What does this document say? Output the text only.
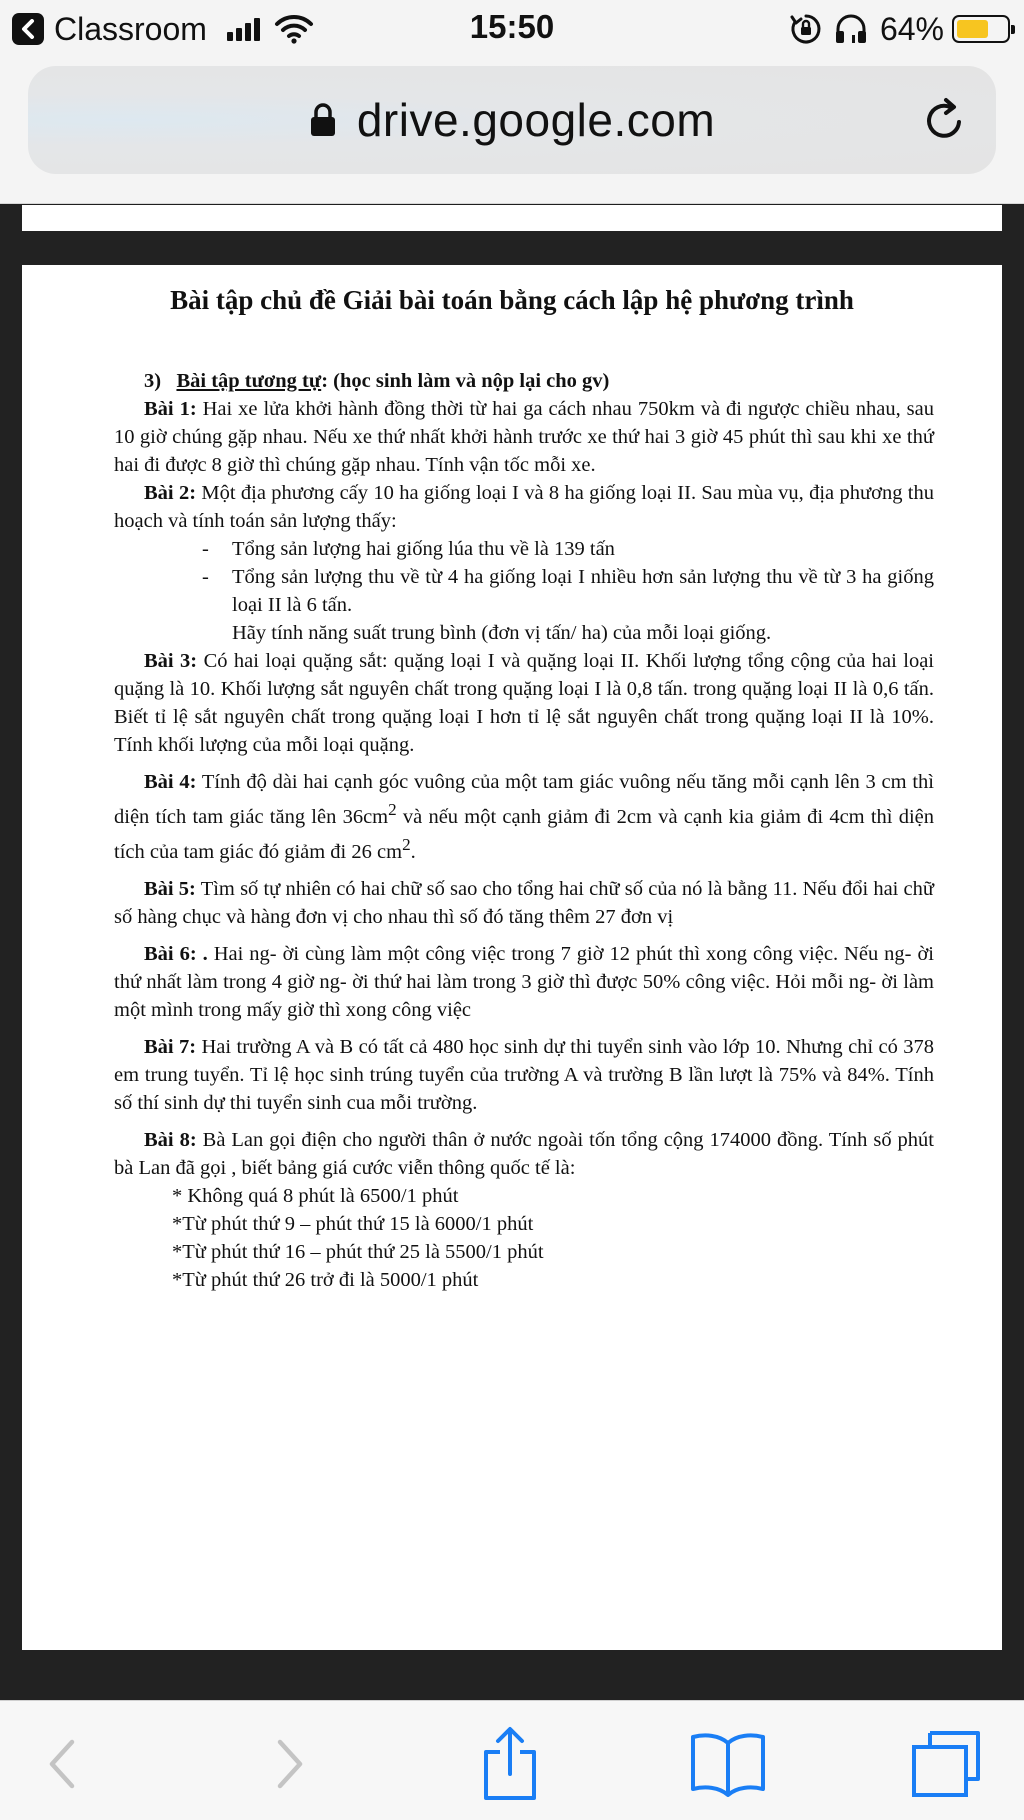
Classroom	15:50	64%
drive.google.com
Bài tập chủ đề Giải bài toán bằng cách lập hệ phương trình

3) Bài tập tương tự: (học sinh làm và nộp lại cho gv)

Bài 1: Hai xe lửa khởi hành đồng thời từ hai ga cách nhau 750km và đi ngược chiều nhau, sau 10 giờ chúng gặp nhau. Nếu xe thứ nhất khởi hành trước xe thứ hai 3 giờ 45 phút thì sau khi xe thứ hai đi được 8 giờ thì chúng gặp nhau. Tính vận tốc mỗi xe.

Bài 2: Một địa phương cấy 10 ha giống loại I và 8 ha giống loại II. Sau mùa vụ, địa phương thu hoạch và tính toán sản lượng thấy:

- Tổng sản lượng hai giống lúa thu về là 139 tấn

- Tổng sản lượng thu về từ 4 ha giống loại I nhiều hơn sản lượng thu về từ 3 ha giống loại II là 6 tấn.

Hãy tính năng suất trung bình (đơn vị tấn/ ha) của mỗi loại giống.

Bài 3: Có hai loại quặng sắt: quặng loại I và quặng loại II. Khối lượng tổng cộng của hai loại quặng là 10. Khối lượng sắt nguyên chất trong quặng loại I là 0,8 tấn. trong quặng loại II là 0,6 tấn. Biết tỉ lệ sắt nguyên chất trong quặng loại I hơn tỉ lệ sắt nguyên chất trong quặng loại II là 10%. Tính khối lượng của mỗi loại quặng.

Bài 4: Tính độ dài hai cạnh góc vuông của một tam giác vuông nếu tăng mỗi cạnh lên 3 cm thì diện tích tam giác tăng lên $36cm^2$ và nếu một cạnh giảm đi 2cm và cạnh kia giảm đi 4cm thì diện tích của tam giác đó giảm đi 26 $cm^2$.

Bài 5: Tìm số tự nhiên có hai chữ số sao cho tổng hai chữ số của nó là bằng 11. Nếu đổi hai chữ số hàng chục và hàng đơn vị cho nhau thì số đó tăng thêm 27 đơn vị

Bài 6: . Hai ng- ời cùng làm một công việc trong 7 giờ 12 phút thì xong công việc. Nếu ng- ời thứ nhất làm trong 4 giờ ng- ời thứ hai làm trong 3 giờ thì được 50% công việc. Hỏi mỗi ng- ời làm một mình trong mấy giờ thì xong công việc

Bài 7: Hai trường A và B có tất cả 480 học sinh dự thi tuyển sinh vào lớp 10. Nhưng chỉ có 378 em trung tuyển. Tỉ lệ học sinh trúng tuyển của trường A và trường B lần lượt là 75% và 84%. Tính số thí sinh dự thi tuyển sinh cua mỗi trường.

Bài 8: Bà Lan gọi điện cho người thân ở nước ngoài tốn tổng cộng 174000 đồng. Tính số phút bà Lan đã gọi , biết bảng giá cước viễn thông quốc tế là:

* Không quá 8 phút là 6500/1 phút

*Từ phút thứ 9 – phút thứ 15 là 6000/1 phút

*Từ phút thứ 16 – phút thứ 25 là 5500/1 phút

*Từ phút thứ 26 trở đi là 5000/1 phút
